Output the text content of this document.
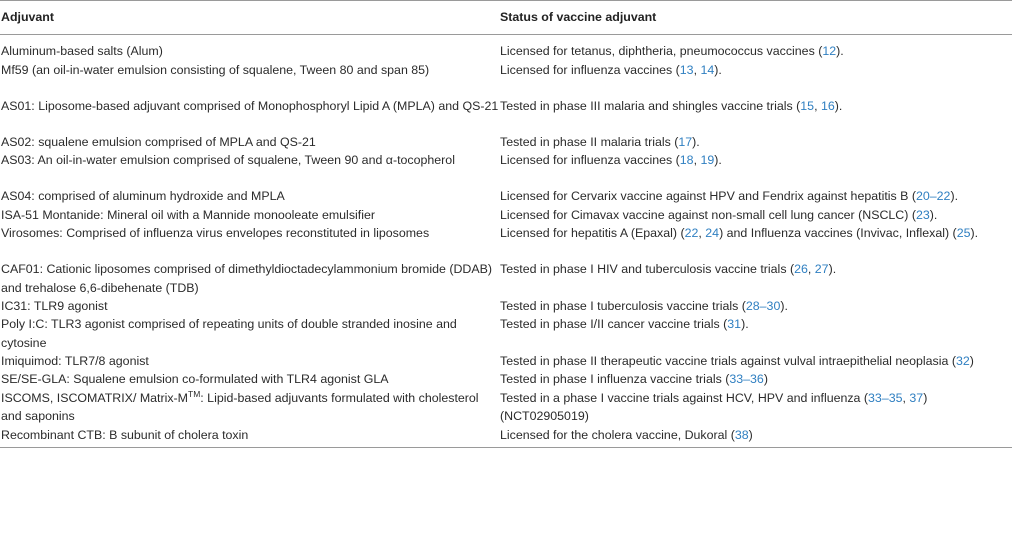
Adjuvant	Status of vaccine adjuvant
Aluminum-based salts (Alum)	Licensed for tetanus, diphtheria, pneumococcus vaccines (12).
Mf59 (an oil-in-water emulsion consisting of squalene, Tween 80 and span 85)	Licensed for influenza vaccines (13, 14).
AS01: Liposome-based adjuvant comprised of Monophosphoryl Lipid A (MPLA) and QS-21	Tested in phase III malaria and shingles vaccine trials (15, 16).
AS02: squalene emulsion comprised of MPLA and QS-21	Tested in phase II malaria trials (17).
AS03: An oil-in-water emulsion comprised of squalene, Tween 90 and α-tocopherol	Licensed for influenza vaccines (18, 19).
AS04: comprised of aluminum hydroxide and MPLA	Licensed for Cervarix vaccine against HPV and Fendrix against hepatitis B (20–22).
ISA-51 Montanide: Mineral oil with a Mannide monooleate emulsifier	Licensed for Cimavax vaccine against non-small cell lung cancer (NSCLC) (23).
Virosomes: Comprised of influenza virus envelopes reconstituted in liposomes	Licensed for hepatitis A (Epaxal) (22, 24) and Influenza vaccines (Invivac, Inflexal) (25).
CAF01: Cationic liposomes comprised of dimethyldioctadecylammonium bromide (DDAB) and trehalose 6,6-dibehenate (TDB)	Tested in phase I HIV and tuberculosis vaccine trials (26, 27).
IC31: TLR9 agonist	Tested in phase I tuberculosis vaccine trials (28–30).
Poly I:C: TLR3 agonist comprised of repeating units of double stranded inosine and cytosine	Tested in phase I/II cancer vaccine trials (31).
Imiquimod: TLR7/8 agonist	Tested in phase II therapeutic vaccine trials against vulval intraepithelial neoplasia (32)
SE/SE-GLA: Squalene emulsion co-formulated with TLR4 agonist GLA	Tested in phase I influenza vaccine trials (33–36)
ISCOMS, ISCOMATRIX/ Matrix-M™: Lipid-based adjuvants formulated with cholesterol and saponins	Tested in a phase I vaccine trials against HCV, HPV and influenza (33–35, 37) (NCT02905019)
Recombinant CTB: B subunit of cholera toxin	Licensed for the cholera vaccine, Dukoral (38)
